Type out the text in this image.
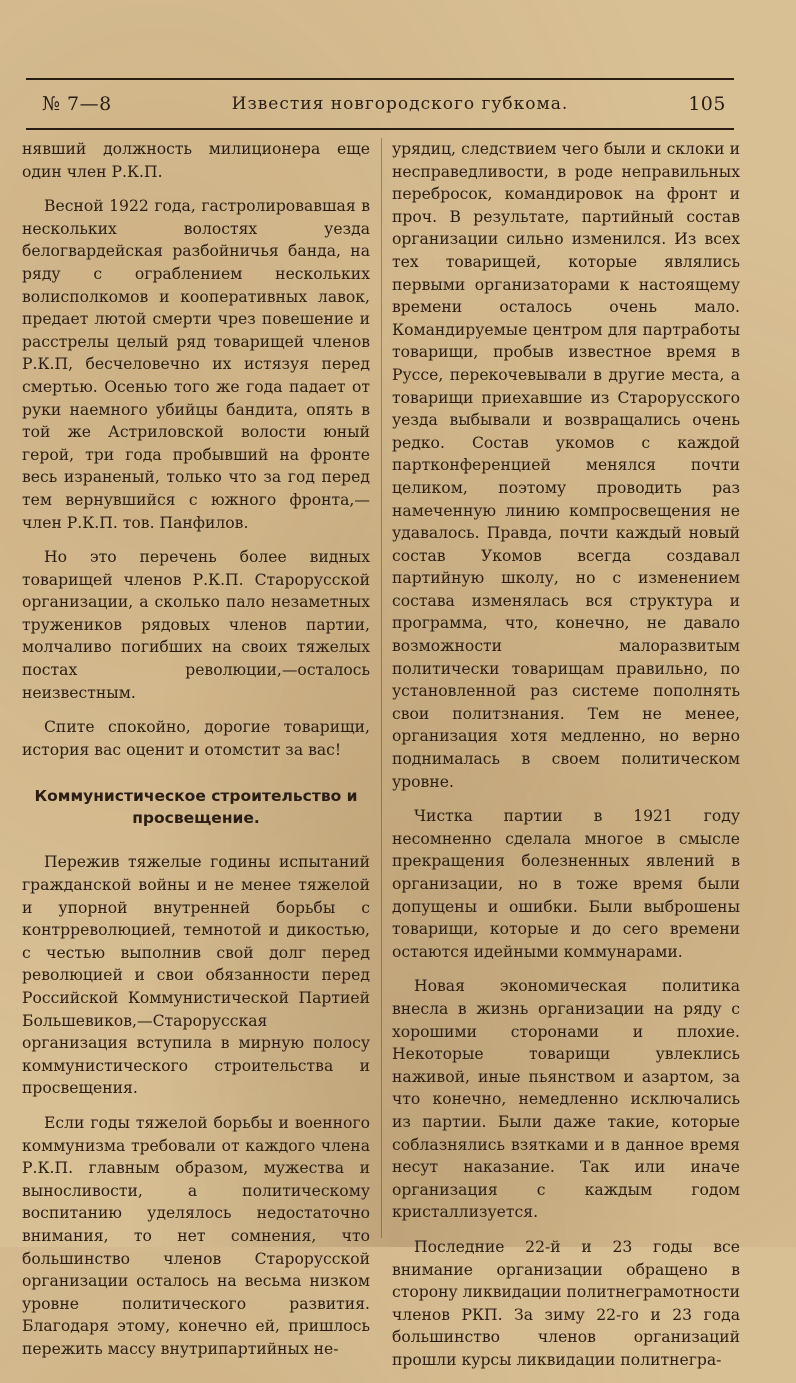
№ 7—8	Известия новгородского губкома.	105

нявший должность милиционера еще один член Р.К.П.

Весной 1922 года, гастролировавшая в нескольких волостях уезда белогвардейская разбойничья банда, на ряду с ограблением нескольких волисполкомов и кооперативных лавок, предает лютой смерти чрез повешение и расстрелы целый ряд товарищей членов Р.К.П, бесчеловечно их истязуя перед смертью. Осенью того же года падает от руки наемного убийцы бандита, опять в той же Астриловской волости юный герой, три года пробывший на фронте весь израненый, только что за год перед тем вернувшийся с южного фронта,—член Р.К.П. тов. Панфилов.

Но это перечень более видных товарищей членов Р.К.П. Старорусской организации, а сколько пало незаметных тружеников рядовых членов партии, молчаливо погибших на своих тяжелых постах революции,—осталось неизвестным.

Спите спокойно, дорогие товарищи, история вас оценит и отомстит за вас!

Коммунистическое строительство и просвещение.

Пережив тяжелые годины испытаний гражданской войны и не менее тяжелой и упорной внутренней борьбы с контрреволюцией, темнотой и дикостью, с честью выполнив свой долг перед революцией и свои обязанности перед Российской Коммунистической Партией Большевиков,—Старорусская организация вступила в мирную полосу коммунистического строительства и просвещения.

Если годы тяжелой борьбы и военного коммунизма требовали от каждого члена Р.К.П. главным образом, мужества и выносливости, а политическому воспитанию уделялось недостаточно внимания, то нет сомнения, что большинство членов Старорусской организации осталось на весьма низком уровне политического развития. Благодаря этому, конечно ей, пришлось пережить массу внутрипартийных не-

урядиц, следствием чего были и склоки и несправедливости, в роде неправильных перебросок, командировок на фронт и проч. В результате, партийный состав организации сильно изменился. Из всех тех товарищей, которые являлись первыми организаторами к настоящему времени осталось очень мало. Командируемые центром для партработы товарищи, пробыв известное время в Руссе, перекочевывали в другие места, а товарищи приехавшие из Старорусского уезда выбывали и возвращались очень редко. Состав укомов с каждой партконференцией менялся почти целиком, поэтому проводить раз намеченную линию компросвещения не удавалось. Правда, почти каждый новый состав Укомов всегда создавал партийную школу, но с изменением состава изменялась вся структура и программа, что, конечно, не давало возможности малоразвитым политически товарищам правильно, по установленной раз системе пополнять свои политзнания. Тем не менее, организация хотя медленно, но верно поднималась в своем политическом уровне.

Чистка партии в 1921 году несомненно сделала многое в смысле прекращения болезненных явлений в организации, но в тоже время были допущены и ошибки. Были выброшены товарищи, которые и до сего времени остаются идейными коммунарами.

Новая экономическая политика внесла в жизнь организации на ряду с хорошими сторонами и плохие. Некоторые товарищи увлеклись наживой, иные пьянством и азартом, за что конечно, немедленно исключались из партии. Были даже такие, которые соблазнялись взятками и в данное время несут наказание. Так или иначе организация с каждым годом кристаллизуется.

Последние 22-й и 23 годы все внимание организации обращено в сторону ликвидации политнеграмотности членов РКП. За зиму 22-го и 23 года большинство членов организаций прошли курсы ликвидации политнегра-
